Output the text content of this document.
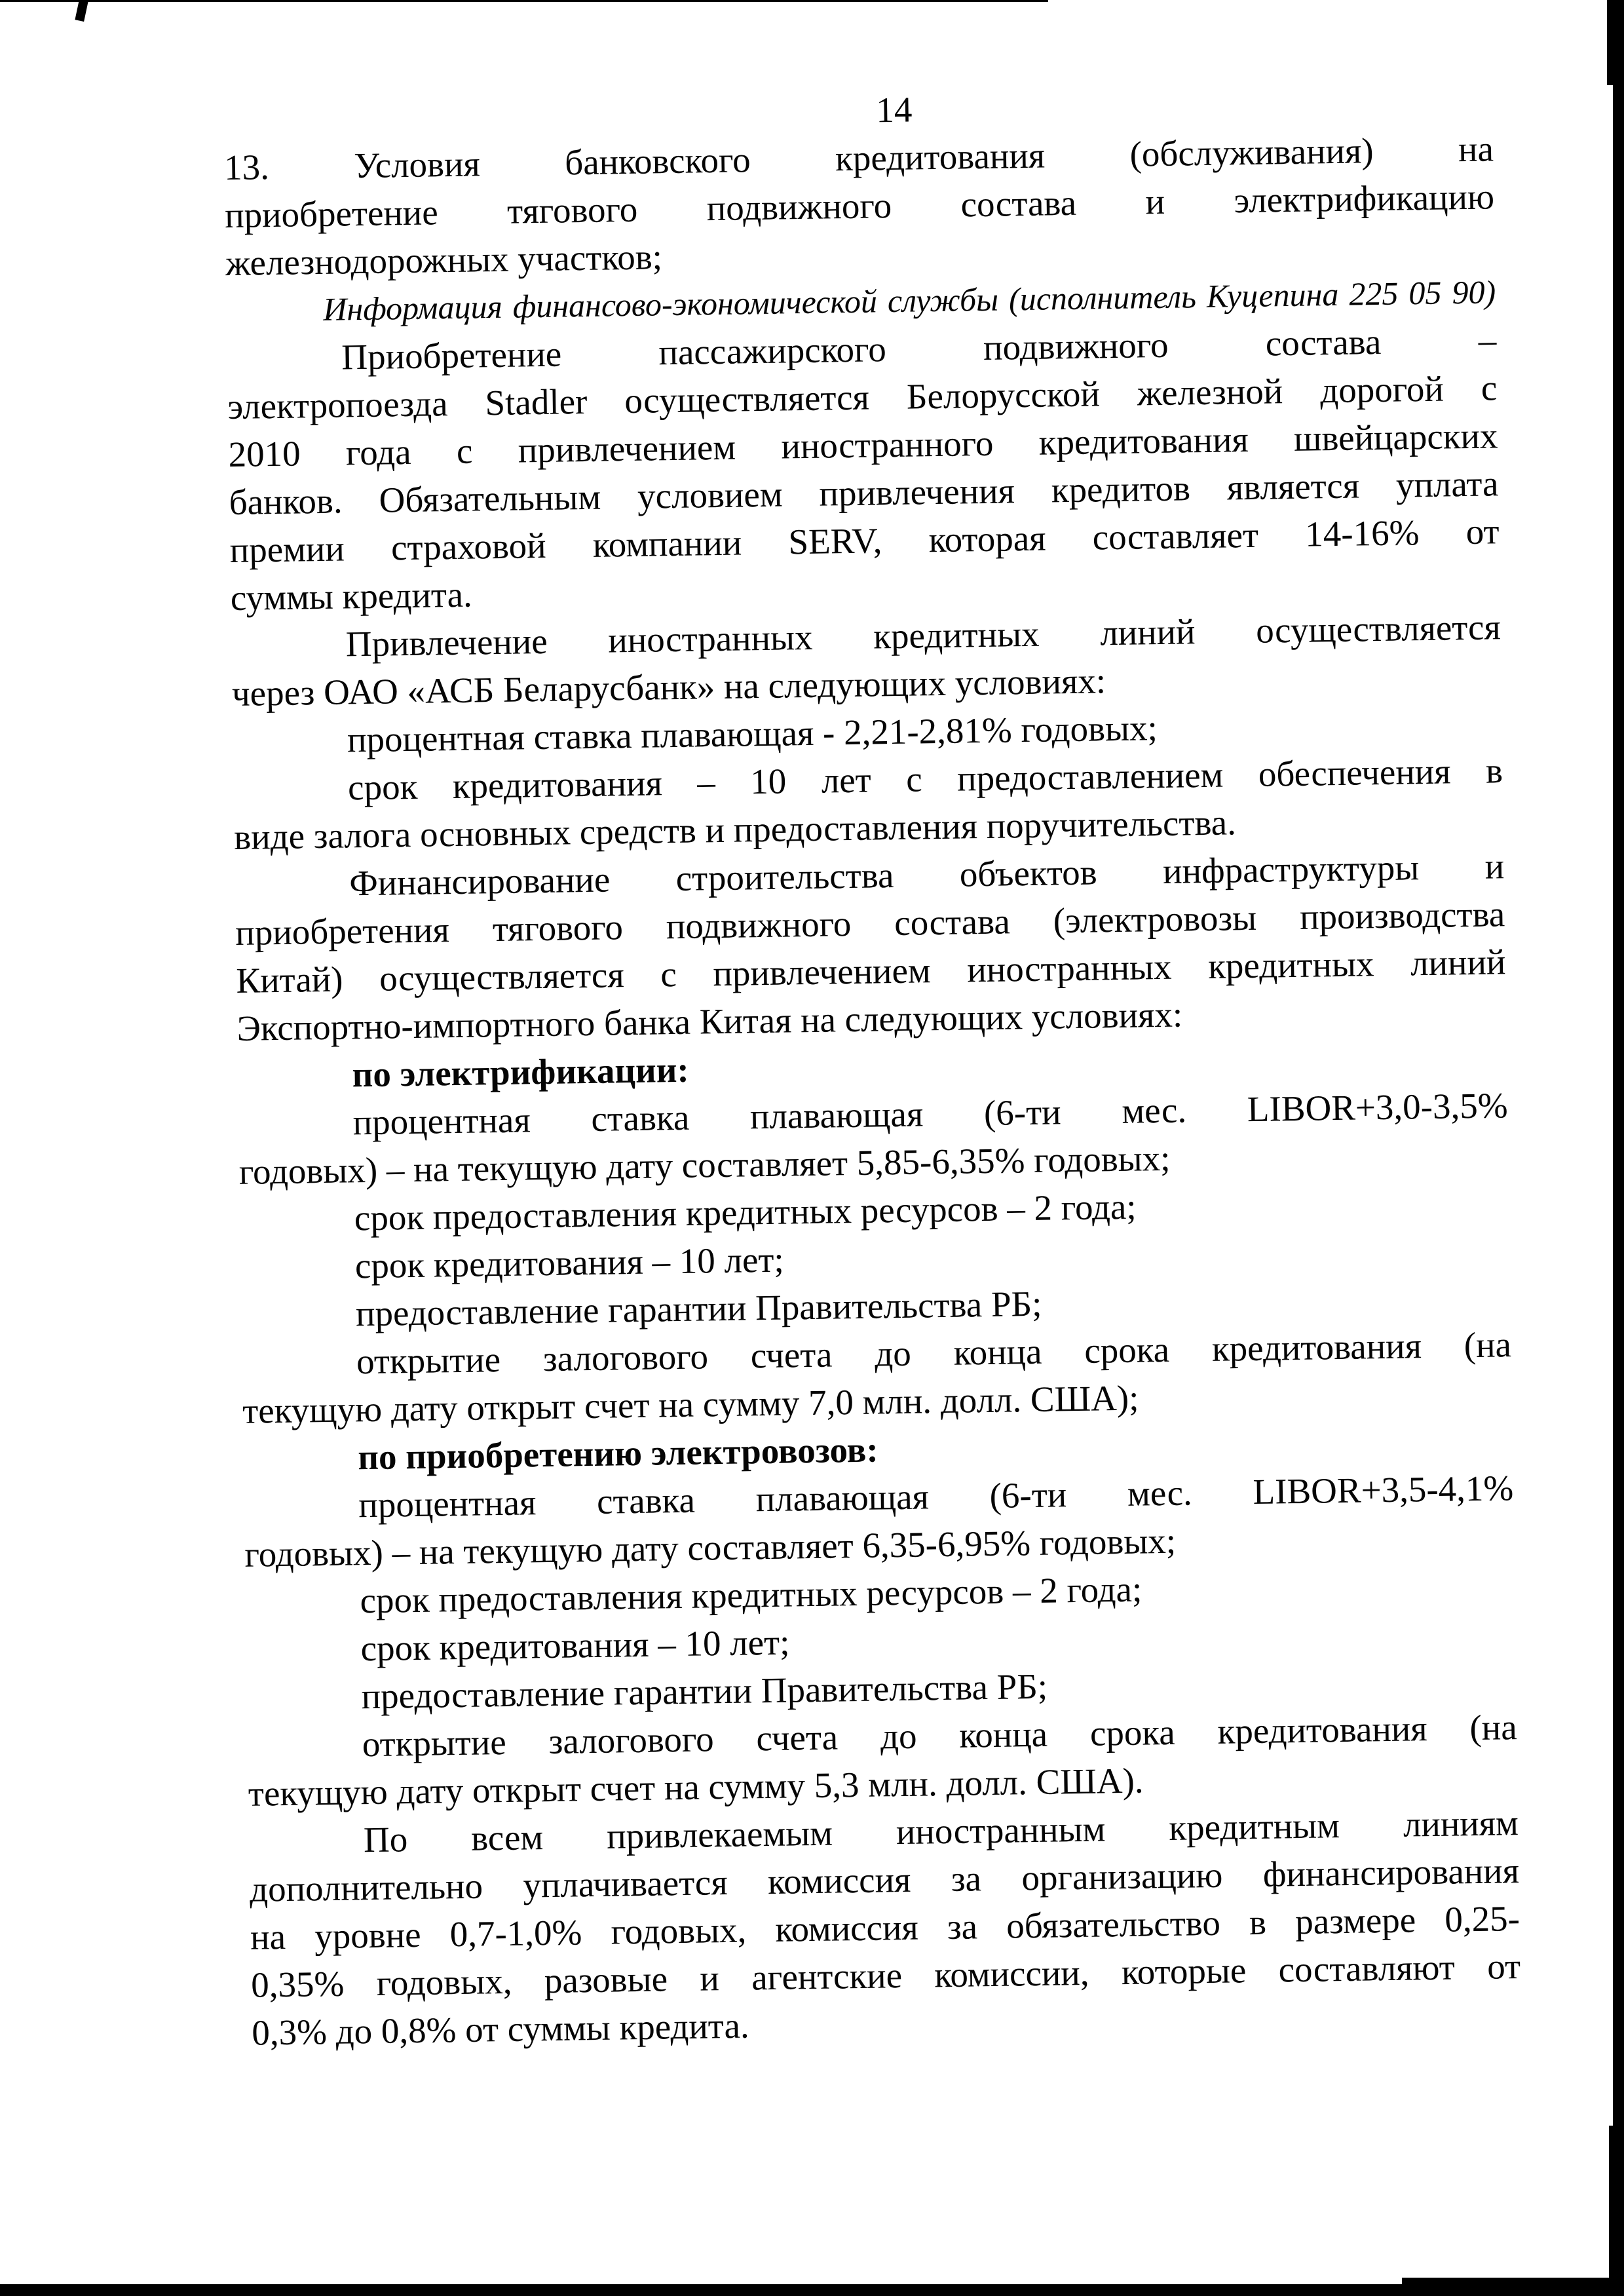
14
13. Условия банковского кредитования (обслуживания) на
приобретение тягового подвижного состава и электрификацию
железнодорожных участков;
Информация финансово-экономической службы (исполнитель Куцепина 225 05 90)
Приобретение пассажирского подвижного состава –
электропоезда Stadler осуществляется Белорусской железной дорогой с
2010 года с привлечением иностранного кредитования швейцарских
банков. Обязательным условием привлечения кредитов является уплата
премии страховой компании SERV, которая составляет 14-16% от
суммы кредита.
Привлечение иностранных кредитных линий осуществляется
через ОАО «АСБ Беларусбанк» на следующих условиях:
процентная ставка плавающая - 2,21-2,81% годовых;
срок кредитования – 10 лет с предоставлением обеспечения в
виде залога основных средств и предоставления поручительства.
Финансирование строительства объектов инфраструктуры и
приобретения тягового подвижного состава (электровозы производства
Китай) осуществляется с привлечением иностранных кредитных линий
Экспортно-импортного банка Китая на следующих условиях:
по электрификации:
процентная ставка плавающая (6-ти мес. LIBOR+3,0-3,5%
годовых) – на текущую дату составляет 5,85-6,35% годовых;
срок предоставления кредитных ресурсов – 2 года;
срок кредитования – 10 лет;
предоставление гарантии Правительства РБ;
открытие залогового счета до конца срока кредитования (на
текущую дату открыт счет на сумму 7,0 млн. долл. США);
по приобретению электровозов:
процентная ставка плавающая (6-ти мес. LIBOR+3,5-4,1%
годовых) – на текущую дату составляет 6,35-6,95% годовых;
срок предоставления кредитных ресурсов – 2 года;
срок кредитования – 10 лет;
предоставление гарантии Правительства РБ;
открытие залогового счета до конца срока кредитования (на
текущую дату открыт счет на сумму 5,3 млн. долл. США).
По всем привлекаемым иностранным кредитным линиям
дополнительно уплачивается комиссия за организацию финансирования
на уровне 0,7-1,0% годовых, комиссия за обязательство в размере 0,25-
0,35% годовых, разовые и агентские комиссии, которые составляют от
0,3% до 0,8% от суммы кредита.
